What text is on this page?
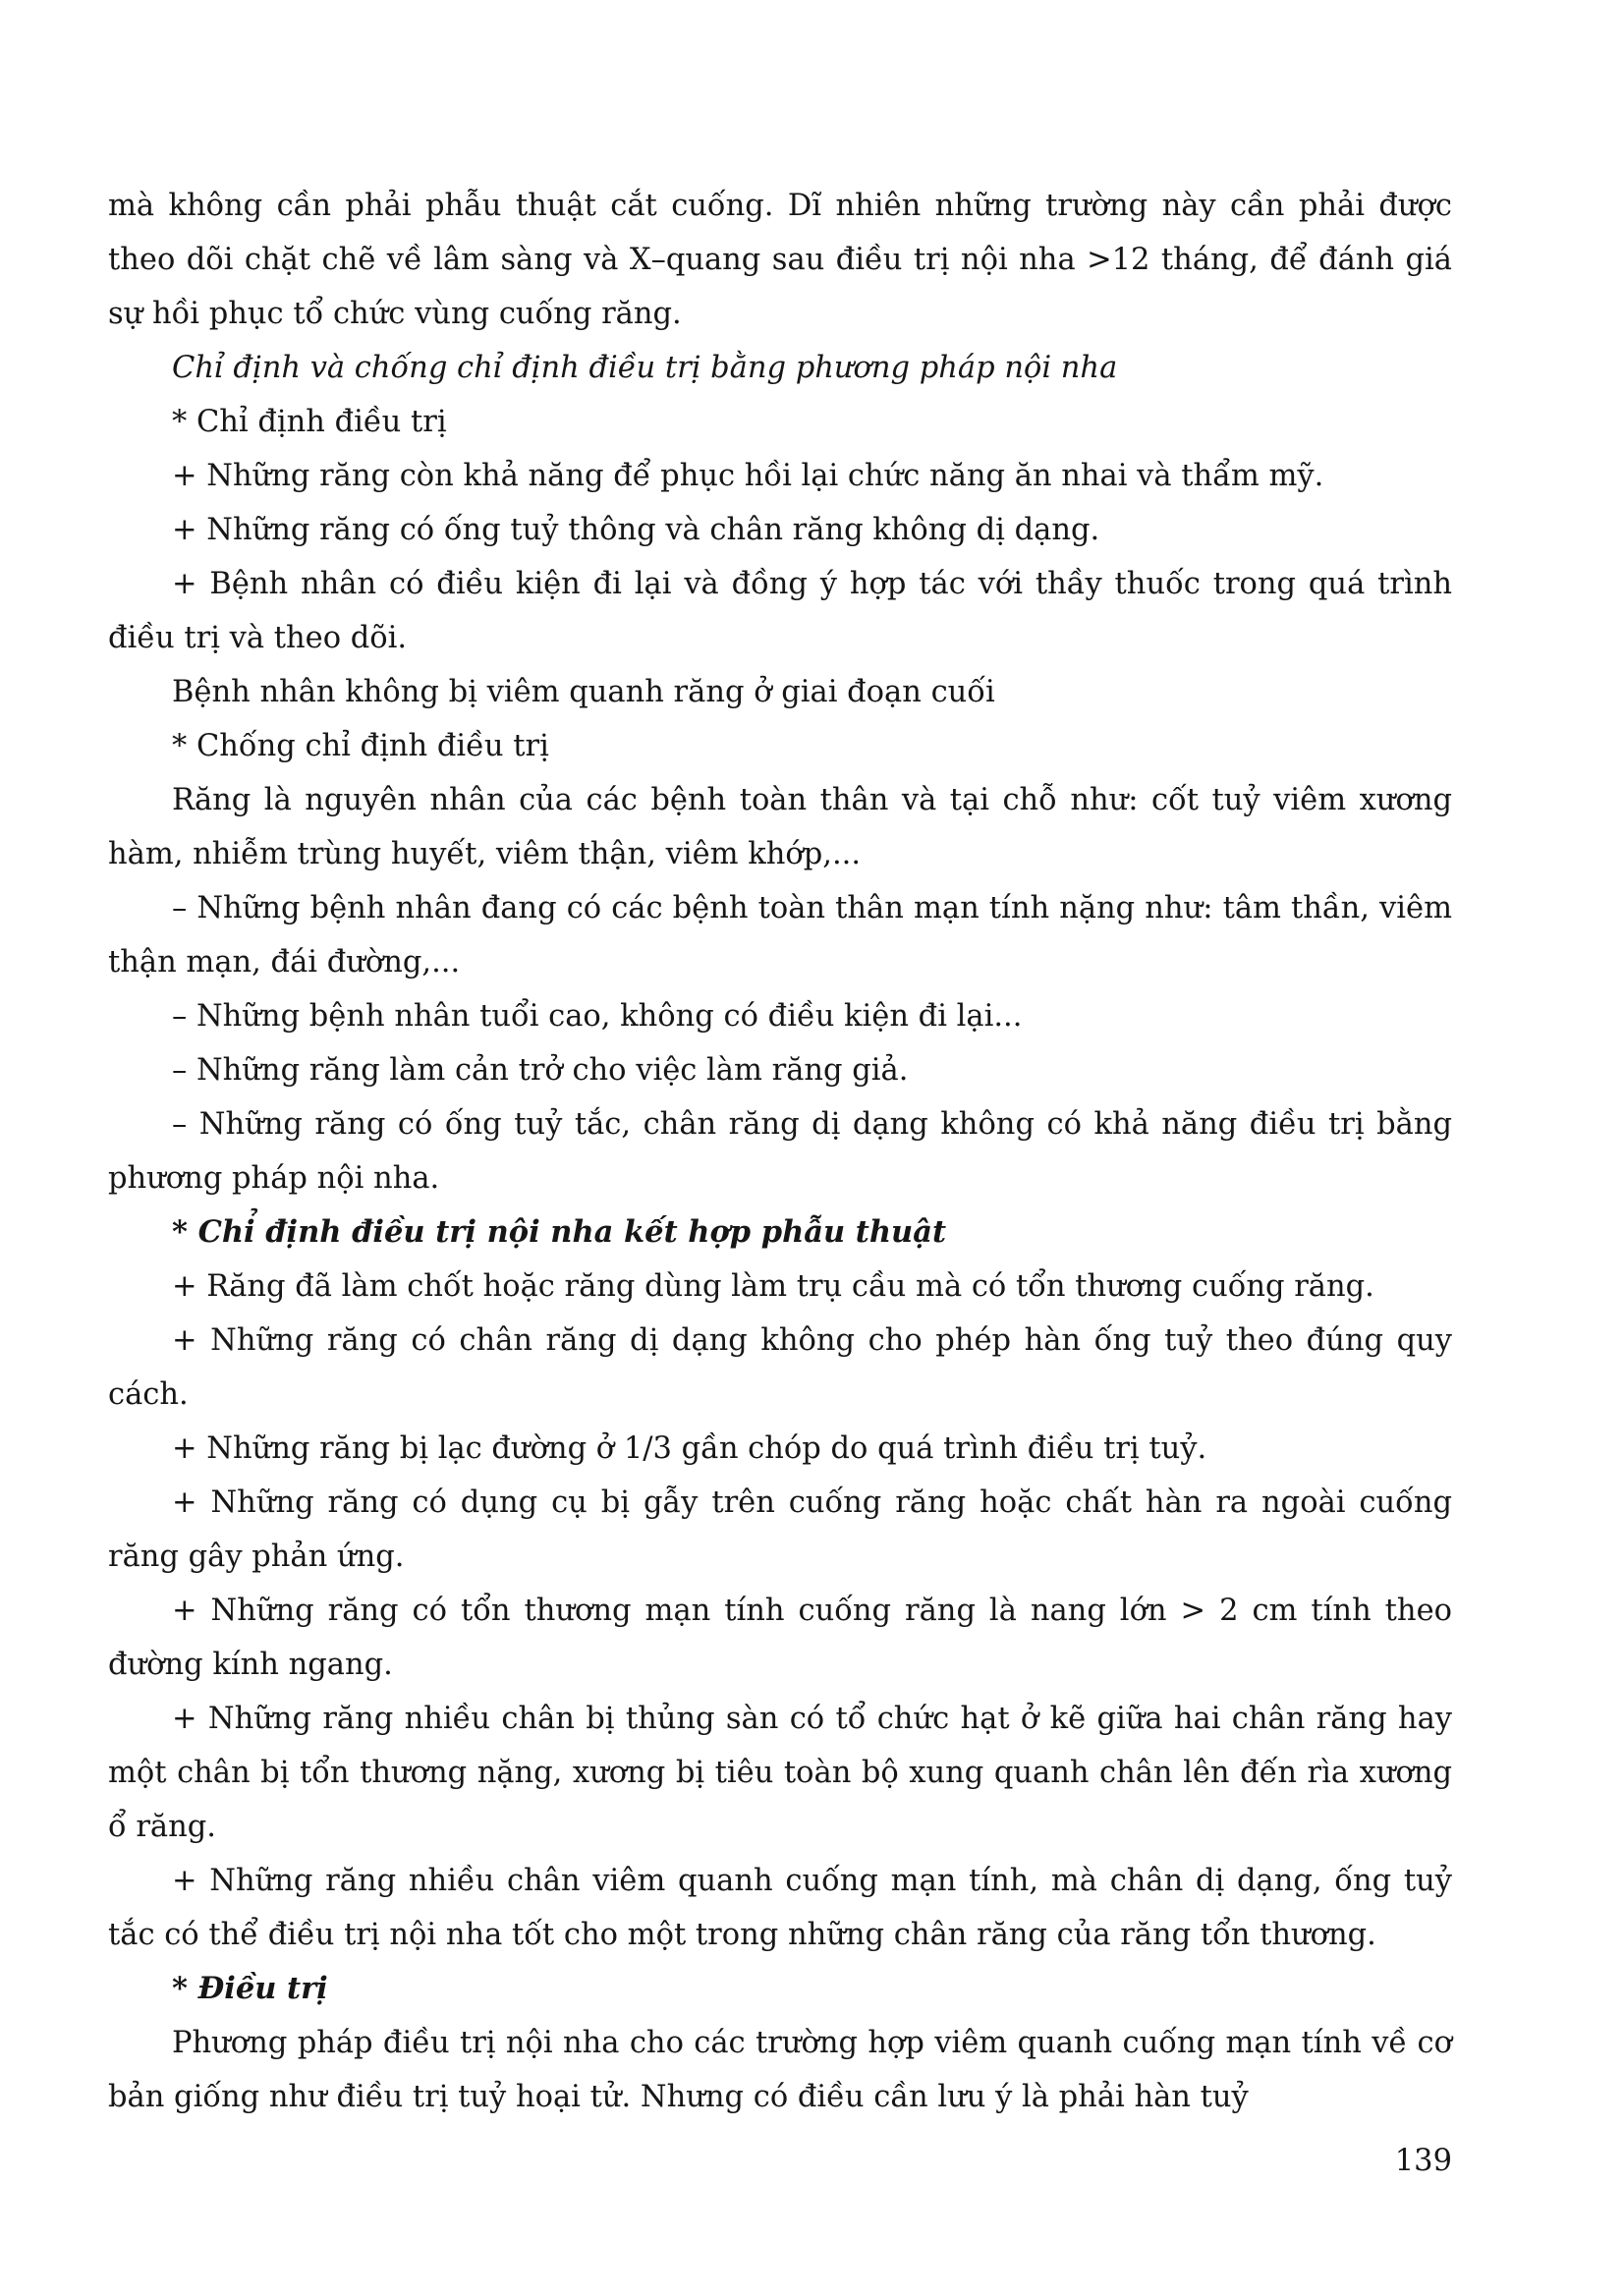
mà không cần phải phẫu thuật cắt cuống. Dĩ nhiên những trường này cần phải được theo dõi chặt chẽ về lâm sàng và X–quang sau điều trị nội nha >12 tháng, để đánh giá sự hồi phục tổ chức vùng cuống răng.

Chỉ định và chống chỉ định điều trị bằng phương pháp nội nha

* Chỉ định điều trị

+ Những răng còn khả năng để phục hồi lại chức năng ăn nhai và thẩm mỹ.

+ Những răng có ống tuỷ thông và chân răng không dị dạng.

+ Bệnh nhân có điều kiện đi lại và đồng ý hợp tác với thầy thuốc trong quá trình điều trị và theo dõi.

Bệnh nhân không bị viêm quanh răng ở giai đoạn cuối

* Chống chỉ định điều trị

Răng là nguyên nhân của các bệnh toàn thân và tại chỗ như: cốt tuỷ viêm xương hàm, nhiễm trùng huyết, viêm thận, viêm khớp,...

– Những bệnh nhân đang có các bệnh toàn thân mạn tính nặng như: tâm thần, viêm thận mạn, đái đường,...

– Những bệnh nhân tuổi cao, không có điều kiện đi lại...

– Những răng làm cản trở cho việc làm răng giả.

– Những răng có ống tuỷ tắc, chân răng dị dạng không có khả năng điều trị bằng phương pháp nội nha.

* Chỉ định điều trị nội nha kết hợp phẫu thuật

+ Răng đã làm chốt hoặc răng dùng làm trụ cầu mà có tổn thương cuống răng.

+ Những răng có chân răng dị dạng không cho phép hàn ống tuỷ theo đúng quy cách.

+ Những răng bị lạc đường ở 1/3 gần chóp do quá trình điều trị tuỷ.

+ Những răng có dụng cụ bị gẫy trên cuống răng hoặc chất hàn ra ngoài cuống răng gây phản ứng.

+ Những răng có tổn thương mạn tính cuống răng là nang lớn > 2 cm tính theo đường kính ngang.

+ Những răng nhiều chân bị thủng sàn có tổ chức hạt ở kẽ giữa hai chân răng hay một chân bị tổn thương nặng, xương bị tiêu toàn bộ xung quanh chân lên đến rìa xương ổ răng.

+ Những răng nhiều chân viêm quanh cuống mạn tính, mà chân dị dạng, ống tuỷ tắc có thể điều trị nội nha tốt cho một trong những chân răng của răng tổn thương.

* Điều trị

Phương pháp điều trị nội nha cho các trường hợp viêm quanh cuống mạn tính về cơ bản giống như điều trị tuỷ hoại tử. Nhưng có điều cần lưu ý là phải hàn tuỷ

139
